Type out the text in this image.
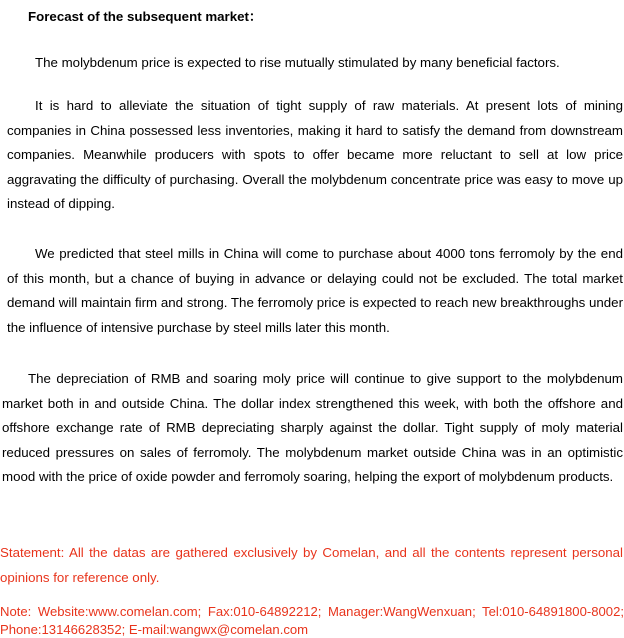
Forecast of the subsequent market：

The molybdenum price is expected to rise mutually stimulated by many beneficial factors.

It is hard to alleviate the situation of tight supply of raw materials. At present lots of mining companies in China possessed less inventories, making it hard to satisfy the demand from downstream companies. Meanwhile producers with spots to offer became more reluctant to sell at low price aggravating the difficulty of purchasing. Overall the molybdenum concentrate price was easy to move up instead of dipping.

We predicted that steel mills in China will come to purchase about 4000 tons ferromoly by the end of this month, but a chance of buying in advance or delaying could not be excluded. The total market demand will maintain firm and strong. The ferromoly price is expected to reach new breakthroughs under the influence of intensive purchase by steel mills later this month.

The depreciation of RMB and soaring moly price will continue to give support to the molybdenum market both in and outside China. The dollar index strengthened this week, with both the offshore and offshore exchange rate of RMB depreciating sharply against the dollar. Tight supply of moly material reduced pressures on sales of ferromoly. The molybdenum market outside China was in an optimistic mood with the price of oxide powder and ferromoly soaring, helping the export of molybdenum products.

Statement: All the datas are gathered exclusively by Comelan, and all the contents represent personal opinions for reference only.

Note: Website:www.comelan.com; Fax:010-64892212; Manager:WangWenxuan; Tel:010-64891800-8002; Phone:13146628352; E-mail:wangwx@comelan.com
